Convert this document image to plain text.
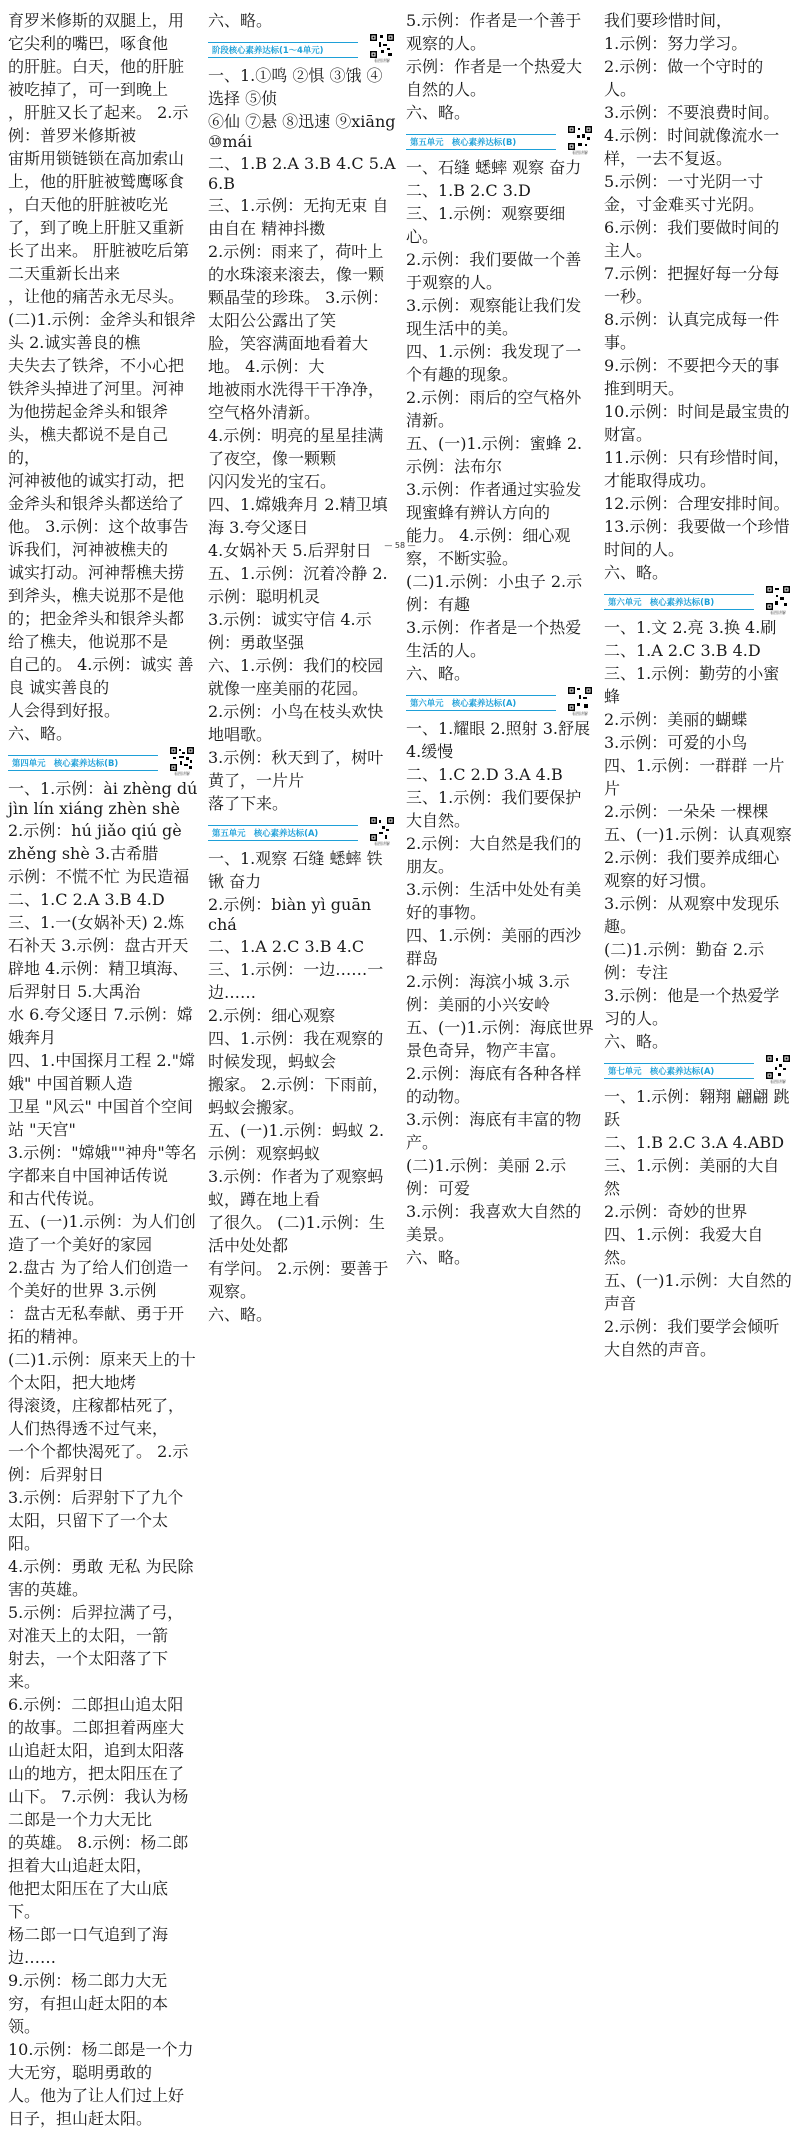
育罗米修斯的双腿上，用它尖利的嘴巴，啄食他
的肝脏。白天，他的肝脏被吃掉了，可一到晚上
，肝脏又长了起来。 2.示例：普罗米修斯被
宙斯用锁链锁在高加索山上，他的肝脏被鹫鹰啄食
，白天他的肝脏被吃光了，到了晚上肝脏又重新
长了出来。 肝脏被吃后第二天重新长出来
，让他的痛苦永无尽头。
(二)1.示例：金斧头和银斧头 2.诚实善良的樵
夫失去了铁斧，不小心把铁斧头掉进了河里。河神
为他捞起金斧头和银斧头，樵夫都说不是自己的，
河神被他的诚实打动，把金斧头和银斧头都送给了
他。 3.示例：这个故事告诉我们，河神被樵夫的
诚实打动。河神帮樵夫捞到斧头，樵夫说那不是他
的；把金斧头和银斧头都给了樵夫，他说那不是
自己的。 4.示例：诚实 善良 诚实善良的
人会得到好报。
六、略。
第四单元　核心素养达标(B)
看图讲解
一、1.示例：ài zhèng dú jìn lín xiáng zhèn shè
2.示例：hú jiǎo qiú gè zhěng shè 3.古希腊
示例：不慌不忙 为民造福
二、1.C 2.A 3.B 4.D
三、1.一(女娲补天) 2.炼石补天 3.示例：盘古开天
辟地 4.示例：精卫填海、后羿射日 5.大禹治
水 6.夸父逐日 7.示例：嫦娥奔月
四、1.中国探月工程 2."嫦娥" 中国首颗人造
卫星 "风云" 中国首个空间站 "天宫"
3.示例："嫦娥""神舟"等名字都来自中国神话传说
和古代传说。
五、(一)1.示例：为人们创造了一个美好的家园
2.盘古 为了给人们创造一个美好的世界 3.示例
：盘古无私奉献、勇于开拓的精神。
(二)1.示例：原来天上的十个太阳，把大地烤
得滚烫，庄稼都枯死了，人们热得透不过气来，
一个个都快渴死了。 2.示例：后羿射日
3.示例：后羿射下了九个太阳，只留下了一个太阳。
4.示例：勇敢 无私 为民除害的英雄。
5.示例：后羿拉满了弓，对准天上的太阳，一箭
射去，一个太阳落了下来。
6.示例：二郎担山追太阳的故事。二郎担着两座大
山追赶太阳，追到太阳落山的地方，把太阳压在了
山下。 7.示例：我认为杨二郎是一个力大无比
的英雄。 8.示例：杨二郎担着大山追赶太阳，
他把太阳压在了大山底下。
杨二郎一口气追到了海边……
9.示例：杨二郎力大无穷，有担山赶太阳的本领。
10.示例：杨二郎是一个力大无穷，聪明勇敢的
人。他为了让人们过上好日子，担山赶太阳。
六、略。
阶段核心素养达标(1～4单元)
看图讲解
一、1.①鸣 ②惧 ③饿 ④选择 ⑤侦
⑥仙 ⑦悬 ⑧迅速 ⑨xiāng ⑩mái
二、1.B 2.A 3.B 4.C 5.A 6.B
三、1.示例：无拘无束 自由自在 精神抖擞
2.示例：雨来了，荷叶上的水珠滚来滚去，像一颗
颗晶莹的珍珠。 3.示例：太阳公公露出了笑
脸，笑容满面地看着大地。 4.示例：大
地被雨水洗得干干净净，空气格外清新。
4.示例：明亮的星星挂满了夜空，像一颗颗
闪闪发光的宝石。
四、1.嫦娥奔月 2.精卫填海 3.夸父逐日
4.女娲补天 5.后羿射日
五、1.示例：沉着冷静 2.示例：聪明机灵
3.示例：诚实守信 4.示例：勇敢坚强
六、1.示例：我们的校园就像一座美丽的花园。
2.示例：小鸟在枝头欢快地唱歌。
3.示例：秋天到了，树叶黄了，一片片
落了下来。
第五单元　核心素养达标(A)
看图讲解
一、1.观察 石缝 蟋蟀 铁锹 奋力
2.示例：biàn yì guān chá
二、1.A 2.C 3.B 4.C
三、1.示例：一边……一边……
2.示例：细心观察
四、1.示例：我在观察的时候发现，蚂蚁会
搬家。 2.示例：下雨前，蚂蚁会搬家。
五、(一)1.示例：蚂蚁 2.示例：观察蚂蚁
3.示例：作者为了观察蚂蚁，蹲在地上看
了很久。 (二)1.示例：生活中处处都
有学问。 2.示例：要善于观察。
六、略。
5.示例：作者是一个善于观察的人。
示例：作者是一个热爱大自然的人。
六、略。
第五单元　核心素养达标(B)
看图讲解
一、石缝 蟋蟀 观察 奋力
二、1.B 2.C 3.D
三、1.示例：观察要细心。
2.示例：我们要做一个善于观察的人。
3.示例：观察能让我们发现生活中的美。
四、1.示例：我发现了一个有趣的现象。
2.示例：雨后的空气格外清新。
五、(一)1.示例：蜜蜂 2.示例：法布尔
3.示例：作者通过实验发现蜜蜂有辨认方向的
能力。 4.示例：细心观察，不断实验。
(二)1.示例：小虫子 2.示例：有趣
3.示例：作者是一个热爱生活的人。
六、略。
第六单元　核心素养达标(A)
看图讲解
一、1.耀眼 2.照射 3.舒展 4.缓慢
二、1.C 2.D 3.A 4.B
三、1.示例：我们要保护大自然。
2.示例：大自然是我们的朋友。
3.示例：生活中处处有美好的事物。
四、1.示例：美丽的西沙群岛
2.示例：海滨小城 3.示例：美丽的小兴安岭
五、(一)1.示例：海底世界景色奇异，物产丰富。
2.示例：海底有各种各样的动物。
3.示例：海底有丰富的物产。
(二)1.示例：美丽 2.示例：可爱
3.示例：我喜欢大自然的美景。
六、略。
我们要珍惜时间，
1.示例：努力学习。
2.示例：做一个守时的人。
3.示例：不要浪费时间。
4.示例：时间就像流水一样，一去不复返。
5.示例：一寸光阴一寸金，寸金难买寸光阴。
6.示例：我们要做时间的主人。
7.示例：把握好每一分每一秒。
8.示例：认真完成每一件事。
9.示例：不要把今天的事推到明天。
10.示例：时间是最宝贵的财富。
11.示例：只有珍惜时间，才能取得成功。
12.示例：合理安排时间。
13.示例：我要做一个珍惜时间的人。
六、略。
第六单元　核心素养达标(B)
看图讲解
一、1.文 2.亮 3.换 4.刷
二、1.A 2.C 3.B 4.D
三、1.示例：勤劳的小蜜蜂
2.示例：美丽的蝴蝶
3.示例：可爱的小鸟
四、1.示例：一群群 一片片
2.示例：一朵朵 一棵棵
五、(一)1.示例：认真观察
2.示例：我们要养成细心观察的好习惯。
3.示例：从观察中发现乐趣。
(二)1.示例：勤奋 2.示例：专注
3.示例：他是一个热爱学习的人。
六、略。
第七单元　核心素养达标(A)
看图讲解
一、1.示例：翱翔 翩翩 跳跃
二、1.B 2.C 3.A 4.ABD
三、1.示例：美丽的大自然
2.示例：奇妙的世界
四、1.示例：我爱大自然。
五、(一)1.示例：大自然的声音
2.示例：我们要学会倾听大自然的声音。
— 58 —
